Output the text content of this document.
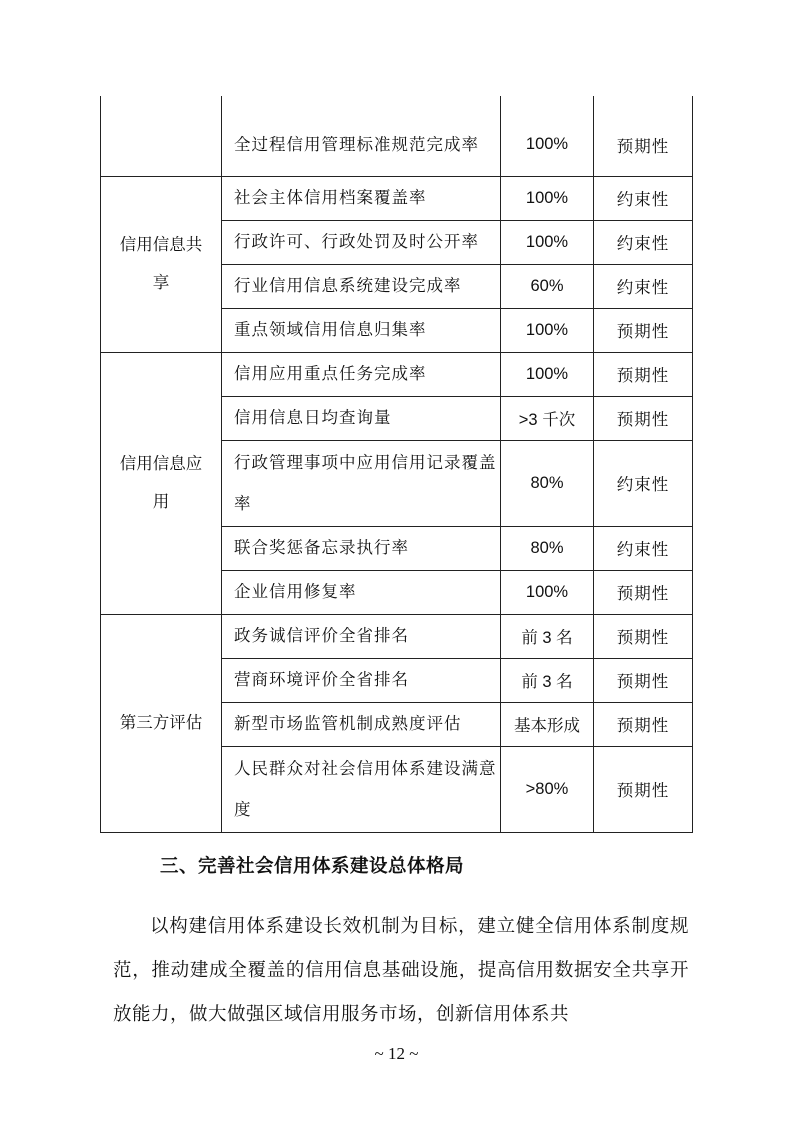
	全过程信用管理标准规范完成率	100%	预期性

信用信息共享	社会主体信用档案覆盖率	100%	约束性
	行政许可、行政处罚及时公开率	100%	约束性
	行业信用信息系统建设完成率	60%	约束性
	重点领域信用信息归集率	100%	预期性

信用信息应用	信用应用重点任务完成率	100%	预期性
	信用信息日均查询量	>3 千次	预期性
	行政管理事项中应用信用记录覆盖率	80%	约束性
	联合奖惩备忘录执行率	80%	约束性
	企业信用修复率	100%	预期性

第三方评估	政务诚信评价全省排名	前 3 名	预期性
	营商环境评价全省排名	前 3 名	预期性
	新型市场监管机制成熟度评估	基本形成	预期性
	人民群众对社会信用体系建设满意度	>80%	预期性
三、完善社会信用体系建设总体格局

以构建信用体系建设长效机制为目标，建立健全信用体系制度规范，推动建成全覆盖的信用信息基础设施，提高信用数据安全共享开放能力，做大做强区域信用服务市场，创新信用体系共

~ 12 ~
